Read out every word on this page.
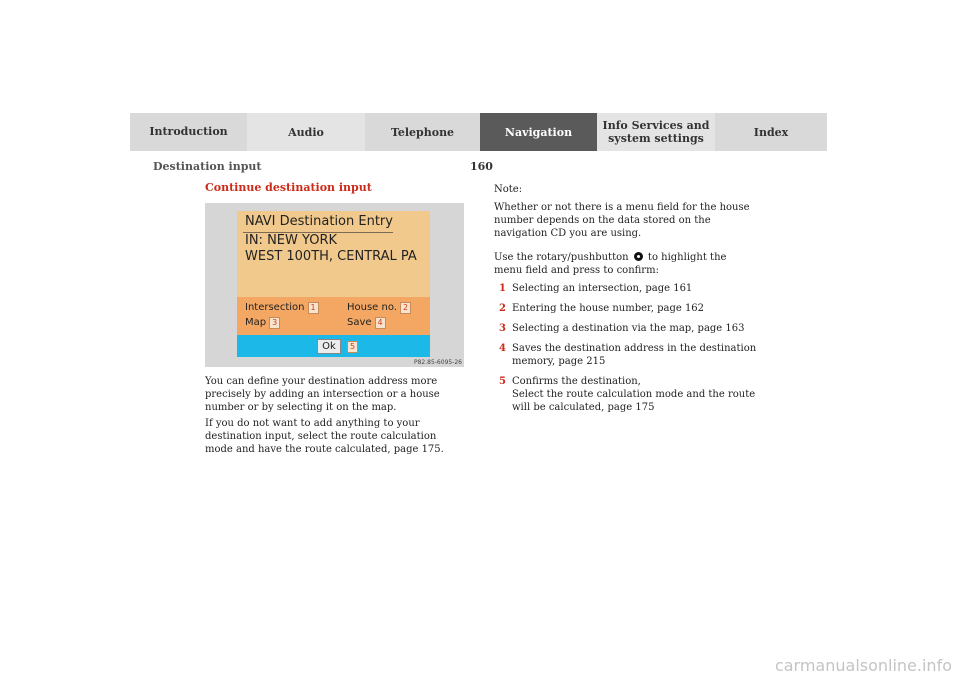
Introduction	Audio	Telephone	Navigation	Info Services and
system settings	Index
160
Destination input
Continue destination input
NAVI Destination Entry
IN: NEW YORK
WEST 100TH, CENTRAL PA
Intersection 1	House no. 2
Map 3	Save 4
Ok	5
P82.85-6095-26

You can define your destination address more precisely by adding an intersection or a house number or by selecting it on the map.

If you do not want to add anything to your destination input, select the route calculation mode and have the route calculated, page 175.

Note:

Whether or not there is a menu field for the house number depends on the data stored on the navigation CD you are using.

Use the rotary/pushbutton to highlight the menu field and press to confirm:

1 Selecting an intersection, page 161
2 Entering the house number, page 162
3 Selecting a destination via the map, page 163
4 Saves the destination address in the destination memory, page 215
5 Confirms the destination,
Select the route calculation mode and the route will be calculated, page 175
carmanualsonline.info
